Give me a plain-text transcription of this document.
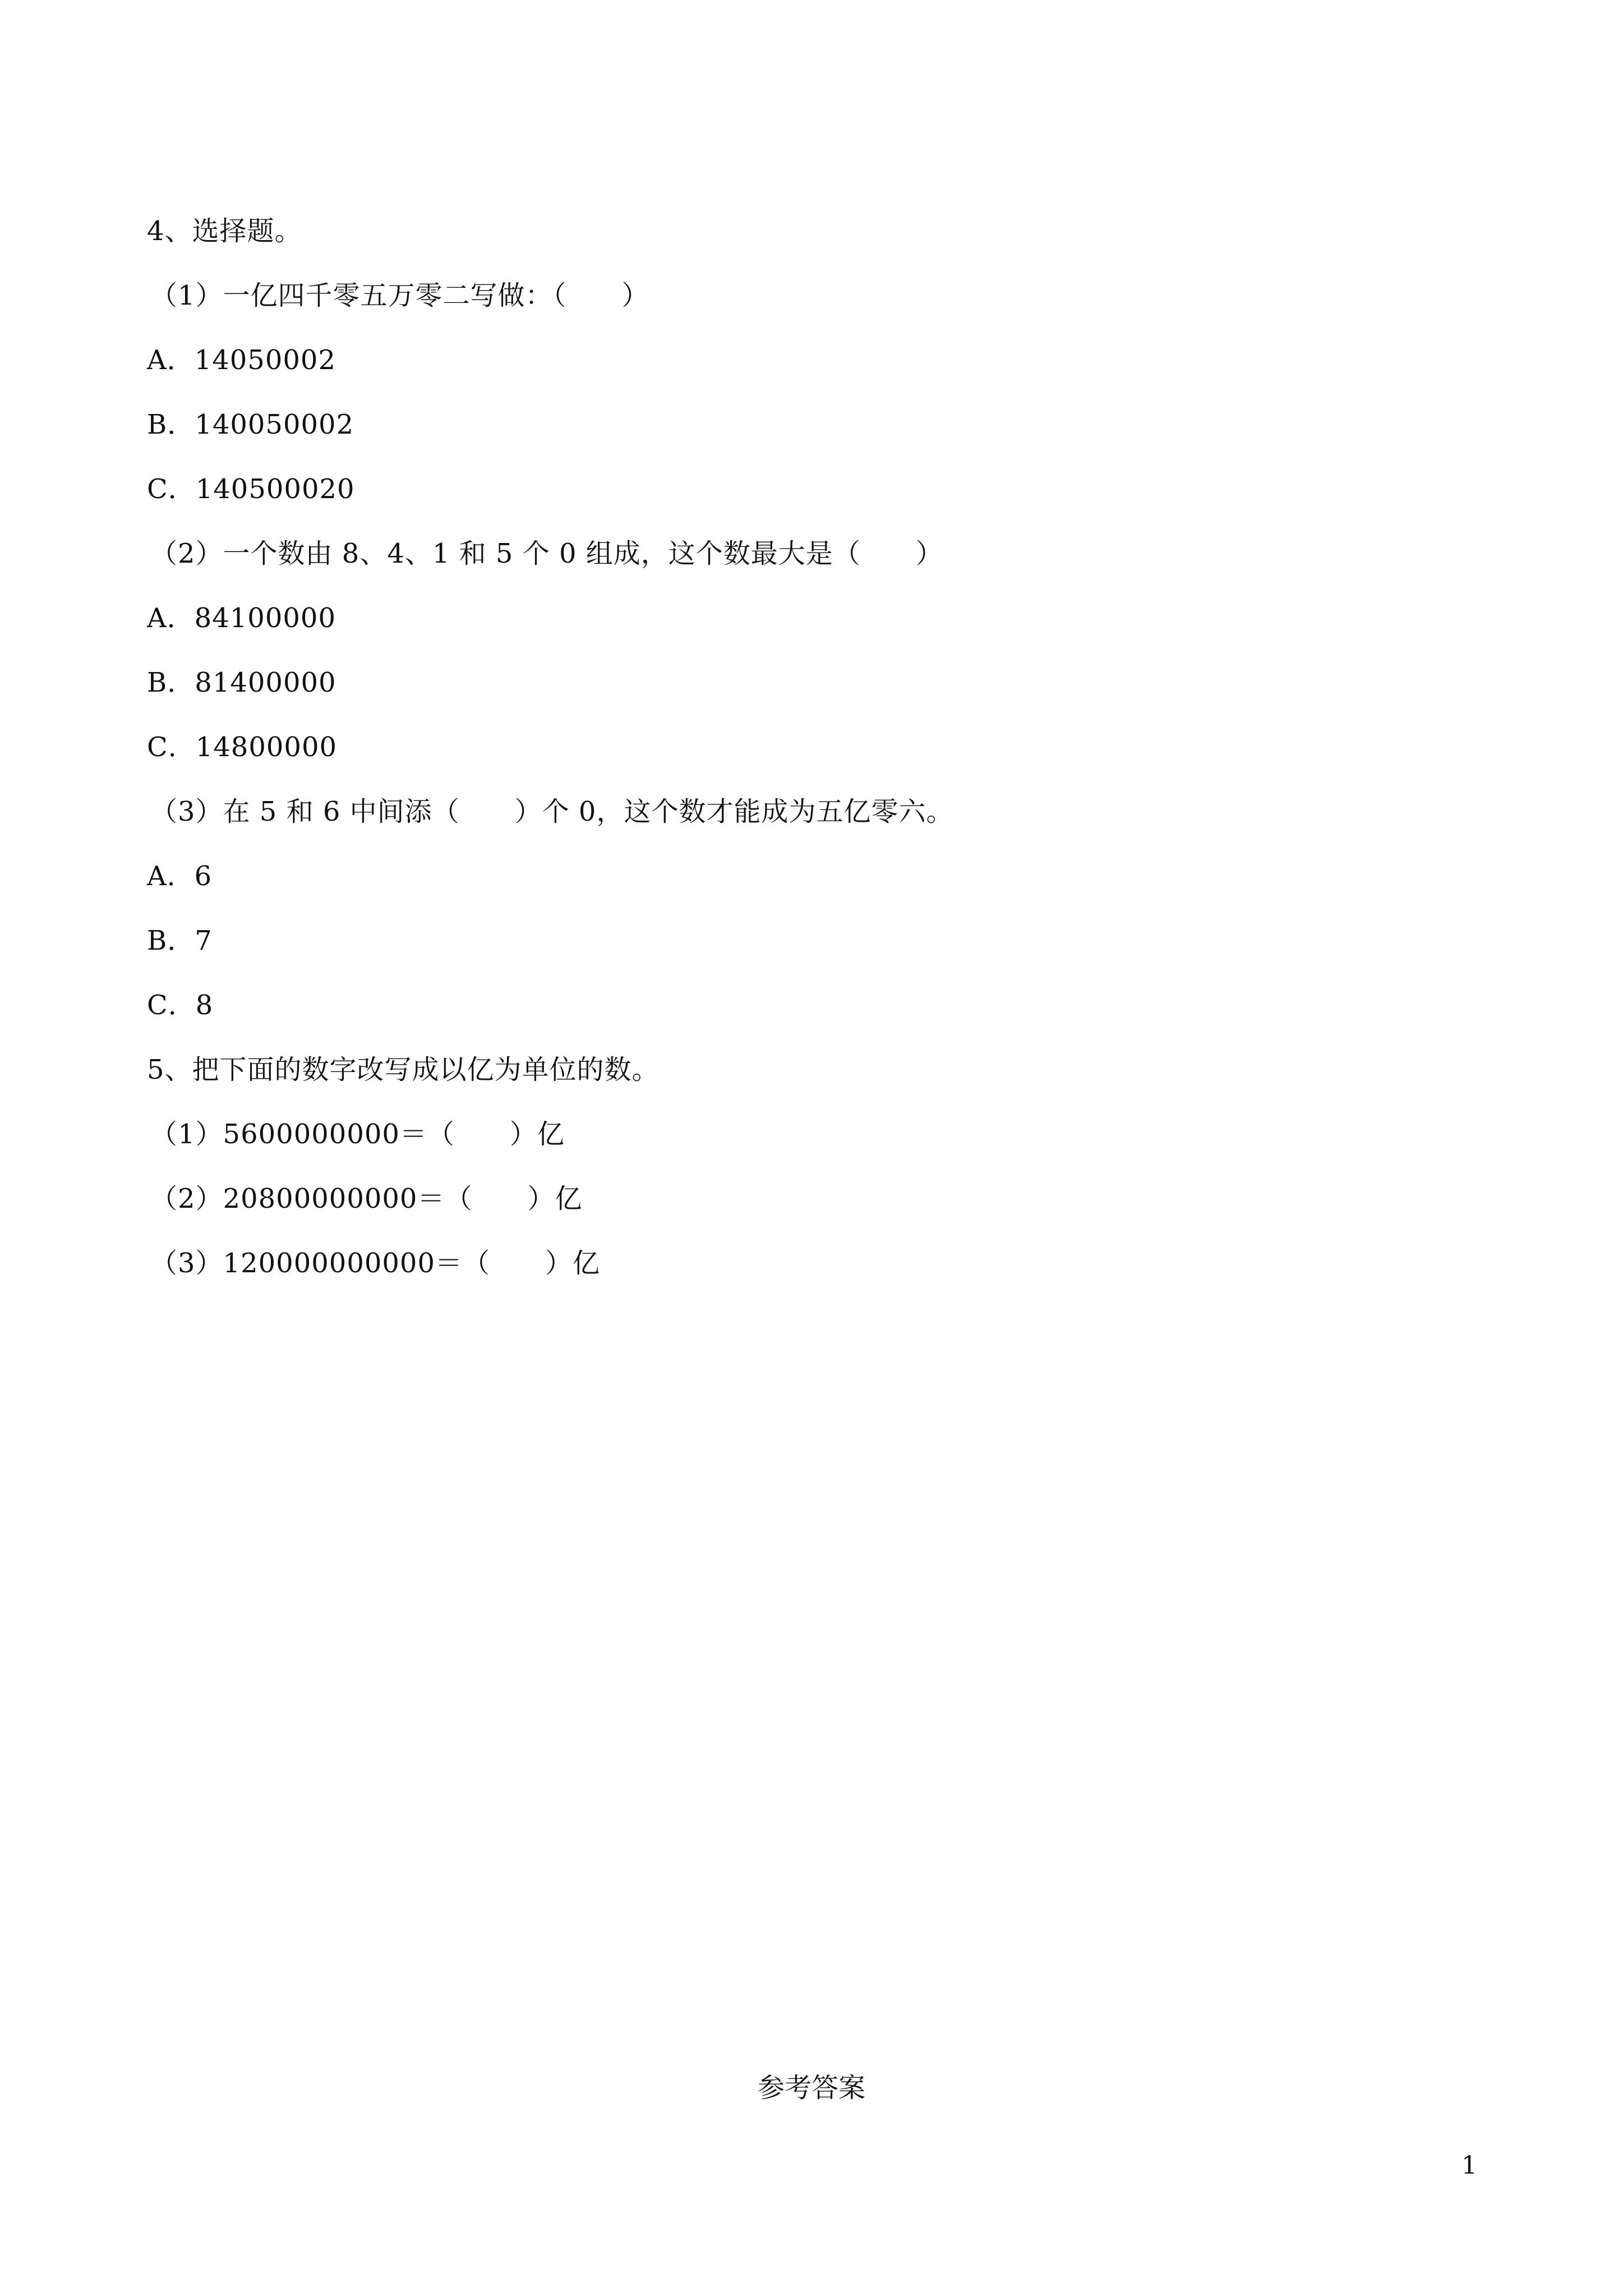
4、选择题。
（1）一亿四千零五万零二写做：（　　）
A．14050002
B．140050002
C．140500020
（2）一个数由 8、4、1 和 5 个 0 组成，这个数最大是（　　）
A．84100000
B．81400000
C．14800000
（3）在 5 和 6 中间添（　　）个 0，这个数才能成为五亿零六。
A．6
B．7
C．8
5、把下面的数字改写成以亿为单位的数。
（1）5600000000＝（　　）亿
（2）20800000000＝（　　）亿
（3）120000000000＝（　　）亿
参考答案
1
